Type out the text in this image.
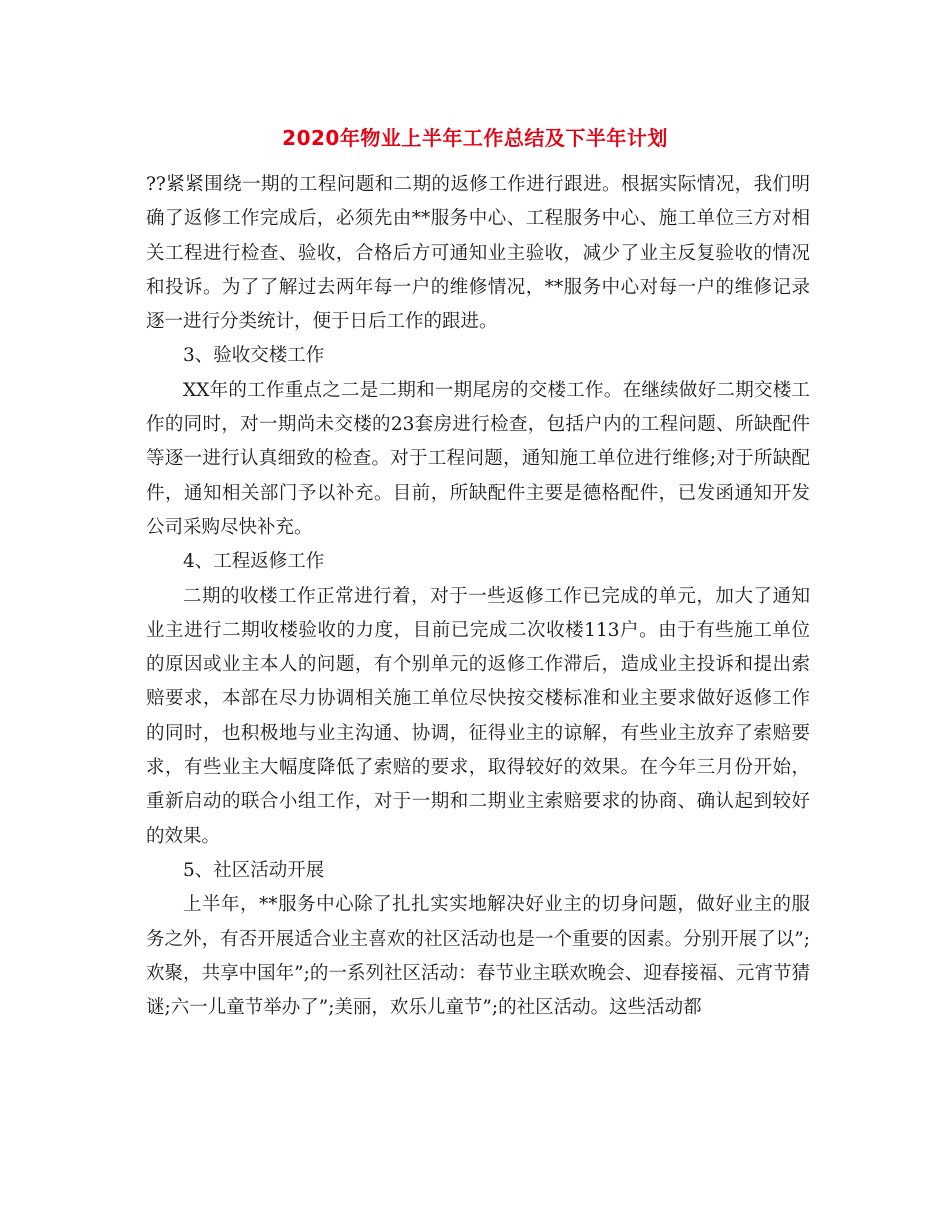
2020年物业上半年工作总结及下半年计划

??紧紧围绕一期的工程问题和二期的返修工作进行跟进。根据实际情况，我们明确了返修工作完成后，必须先由**服务中心、工程服务中心、施工单位三方对相关工程进行检查、验收，合格后方可通知业主验收，减少了业主反复验收的情况和投诉。为了了解过去两年每一户的维修情况，**服务中心对每一户的维修记录逐一进行分类统计，便于日后工作的跟进。

3、验收交楼工作

XX年的工作重点之二是二期和一期尾房的交楼工作。在继续做好二期交楼工作的同时，对一期尚未交楼的23套房进行检查，包括户内的工程问题、所缺配件等逐一进行认真细致的检查。对于工程问题，通知施工单位进行维修;对于所缺配件，通知相关部门予以补充。目前，所缺配件主要是德格配件，已发函通知开发公司采购尽快补充。

4、工程返修工作

二期的收楼工作正常进行着，对于一些返修工作已完成的单元，加大了通知业主进行二期收楼验收的力度，目前已完成二次收楼113户。由于有些施工单位的原因或业主本人的问题，有个别单元的返修工作滞后，造成业主投诉和提出索赔要求，本部在尽力协调相关施工单位尽快按交楼标准和业主要求做好返修工作的同时，也积极地与业主沟通、协调，征得业主的谅解，有些业主放弃了索赔要求，有些业主大幅度降低了索赔的要求，取得较好的效果。在今年三月份开始，重新启动的联合小组工作，对于一期和二期业主索赔要求的协商、确认起到较好的效果。

5、社区活动开展

上半年，**服务中心除了扎扎实实地解决好业主的切身问题，做好业主的服务之外，有否开展适合业主喜欢的社区活动也是一个重要的因素。分别开展了以”;欢聚，共享中国年”;的一系列社区活动：春节业主联欢晚会、迎春接福、元宵节猜谜;六一儿童节举办了”;美丽，欢乐儿童节”;的社区活动。这些活动都
